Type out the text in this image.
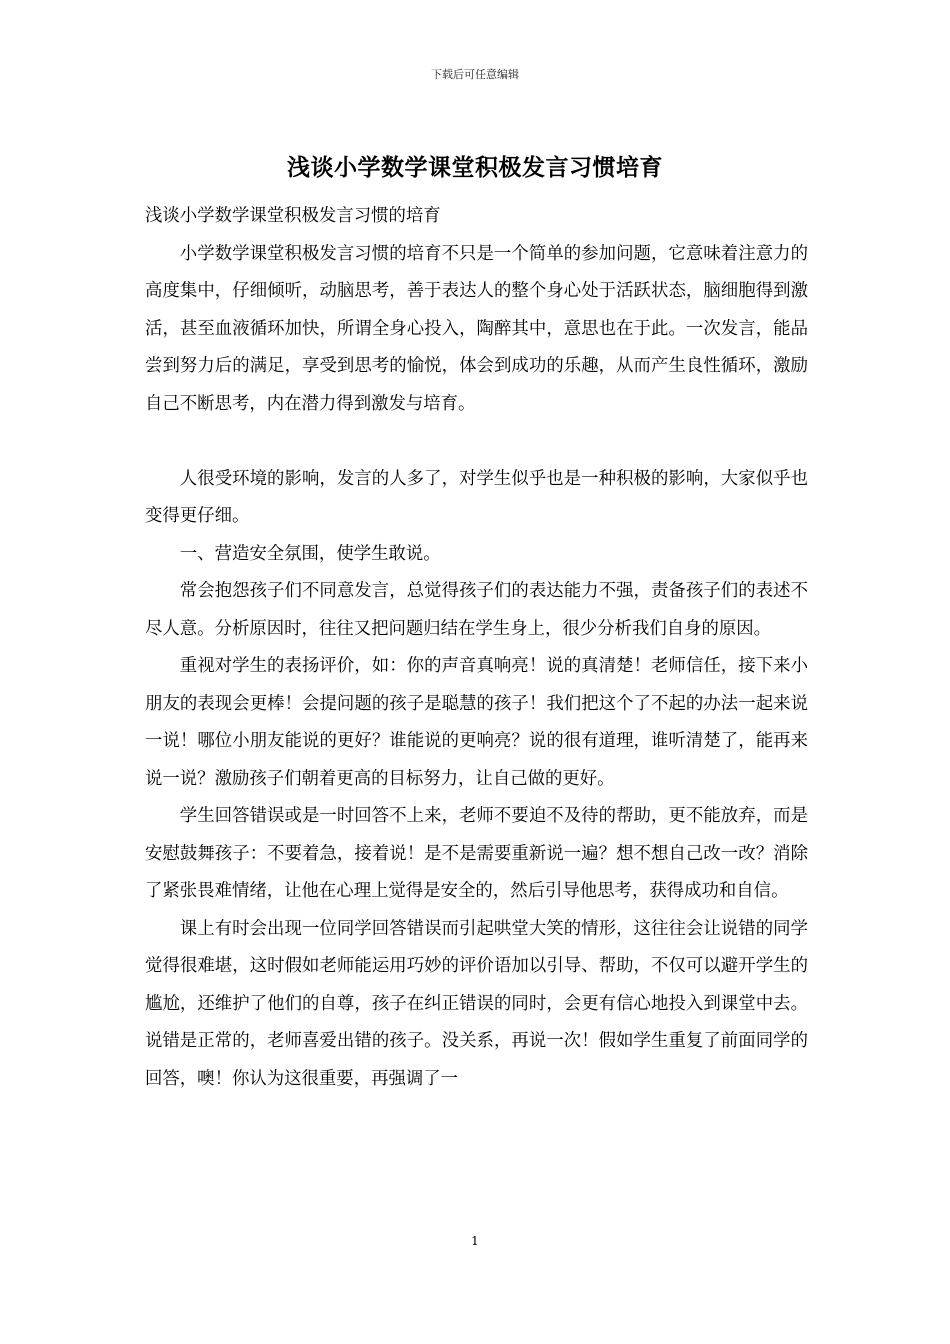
下载后可任意编辑
浅谈小学数学课堂积极发言习惯培育

浅谈小学数学课堂积极发言习惯的培育

小学数学课堂积极发言习惯的培育不只是一个简单的参加问题，它意味着注意力的高度集中，仔细倾听，动脑思考，善于表达人的整个身心处于活跃状态，脑细胞得到激活，甚至血液循环加快，所谓全身心投入，陶醉其中，意思也在于此。一次发言，能品尝到努力后的满足，享受到思考的愉悦，体会到成功的乐趣，从而产生良性循环，激励自己不断思考，内在潜力得到激发与培育。

人很受环境的影响，发言的人多了，对学生似乎也是一种积极的影响，大家似乎也变得更仔细。

一、营造安全氛围，使学生敢说。

常会抱怨孩子们不同意发言，总觉得孩子们的表达能力不强，责备孩子们的表述不尽人意。分析原因时，往往又把问题归结在学生身上，很少分析我们自身的原因。

重视对学生的表扬评价，如：你的声音真响亮！说的真清楚！老师信任，接下来小朋友的表现会更棒！会提问题的孩子是聪慧的孩子！我们把这个了不起的办法一起来说一说！哪位小朋友能说的更好？谁能说的更响亮？说的很有道理，谁听清楚了，能再来说一说？激励孩子们朝着更高的目标努力，让自己做的更好。

学生回答错误或是一时回答不上来，老师不要迫不及待的帮助，更不能放弃，而是安慰鼓舞孩子：不要着急，接着说！是不是需要重新说一遍？想不想自己改一改？消除了紧张畏难情绪，让他在心理上觉得是安全的，然后引导他思考，获得成功和自信。

课上有时会出现一位同学回答错误而引起哄堂大笑的情形，这往往会让说错的同学觉得很难堪，这时假如老师能运用巧妙的评价语加以引导、帮助，不仅可以避开学生的尴尬，还维护了他们的自尊，孩子在纠正错误的同时，会更有信心地投入到课堂中去。说错是正常的，老师喜爱出错的孩子。没关系，再说一次！假如学生重复了前面同学的回答，噢！你认为这很重要，再强调了一

1
